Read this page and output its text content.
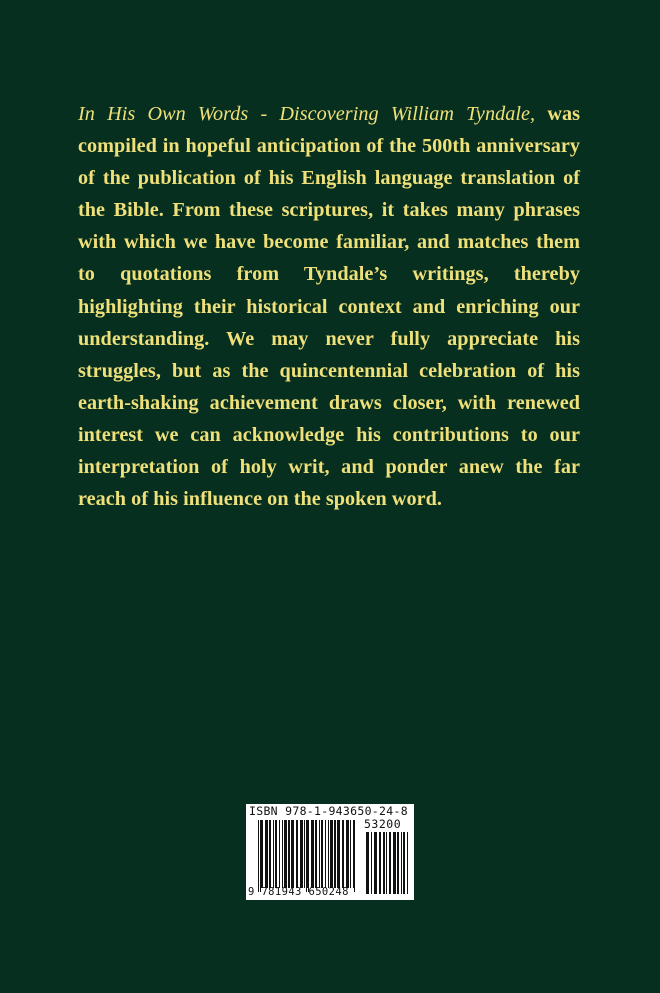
In His Own Words - Discovering William Tyndale, was compiled in hopeful anticipation of the 500th anniversary of the publication of his English language translation of the Bible. From these scriptures, it takes many phrases with which we have become familiar, and matches them to quotations from Tyndale’s writings, thereby highlighting their historical context and enriching our understanding. We may never fully appreciate his struggles, but as the quincentennial celebration of his earth-shaking achievement draws closer, with renewed interest we can acknowledge his contributions to our interpretation of holy writ, and ponder anew the far reach of his influence on the spoken word.
ISBN 978-1-943650-24-8
53200
9 781943 650248
